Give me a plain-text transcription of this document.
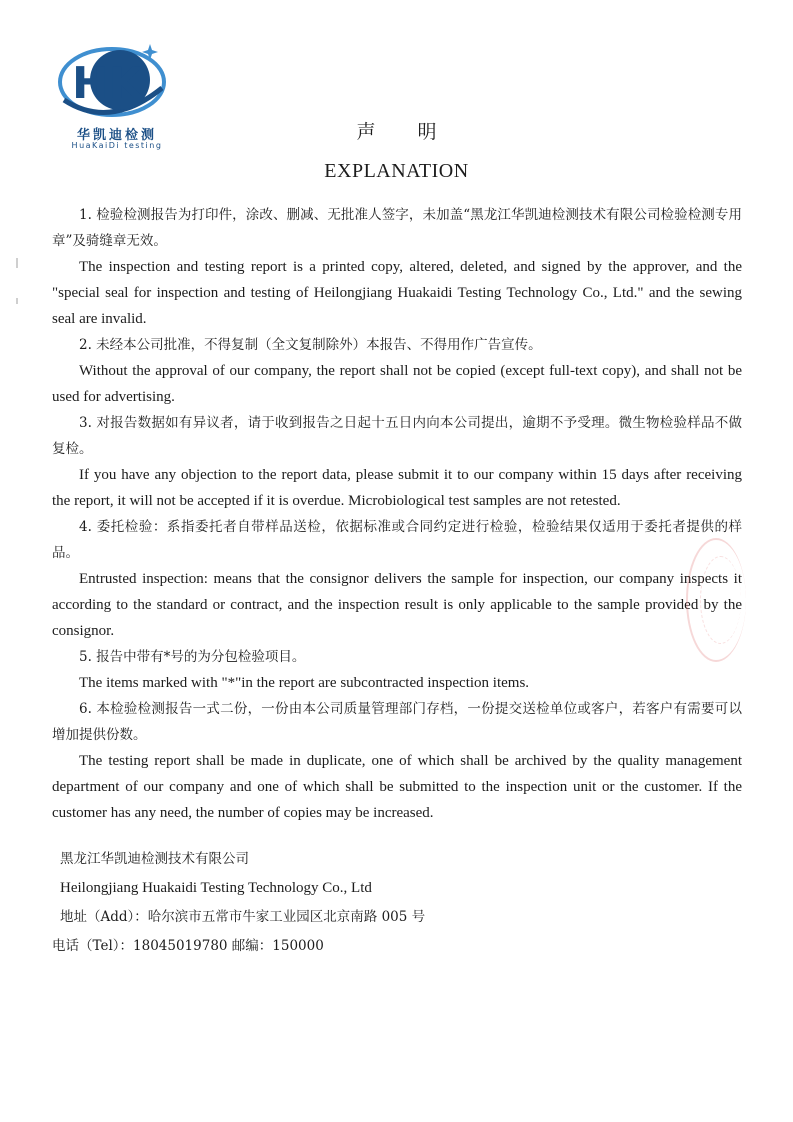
HK
华凯迪检测
HuaKaiDi testing
声明
EXPLANATION

1. 检验检测报告为打印件，涂改、删减、无批准人签字，未加盖“黑龙江华凯迪检测技术有限公司检验检测专用章”及骑缝章无效。

The inspection and testing report is a printed copy, altered, deleted, and signed by the approver, and the "special seal for inspection and testing of Heilongjiang Huakaidi Testing Technology Co., Ltd." and the sewing seal are invalid.

2. 未经本公司批准，不得复制（全文复制除外）本报告、不得用作广告宣传。

Without the approval of our company, the report shall not be copied (except full-text copy), and shall not be used for advertising.

3. 对报告数据如有异议者，请于收到报告之日起十五日内向本公司提出，逾期不予受理。微生物检验样品不做复检。

If you have any objection to the report data, please submit it to our company within 15 days after receiving the report, it will not be accepted if it is overdue. Microbiological test samples are not retested.

4. 委托检验：系指委托者自带样品送检，依据标准或合同约定进行检验，检验结果仅适用于委托者提供的样品。

Entrusted inspection: means that the consignor delivers the sample for inspection, our company inspects it according to the standard or contract, and the inspection result is only applicable to the sample provided by the consignor.

5. 报告中带有*号的为分包检验项目。

The items marked with "*"in the report are subcontracted inspection items.

6. 本检验检测报告一式二份，一份由本公司质量管理部门存档，一份提交送检单位或客户，若客户有需要可以增加提供份数。

The testing report shall be made in duplicate, one of which shall be archived by the quality management department of our company and one of which shall be submitted to the inspection unit or the customer. If the customer has any need, the number of copies may be increased.

黑龙江华凯迪检测技术有限公司

Heilongjiang Huakaidi Testing Technology Co., Ltd

地址（Add）：哈尔滨市五常市牛家工业园区北京南路 005 号

电话（Tel）：18045019780 邮编：150000
